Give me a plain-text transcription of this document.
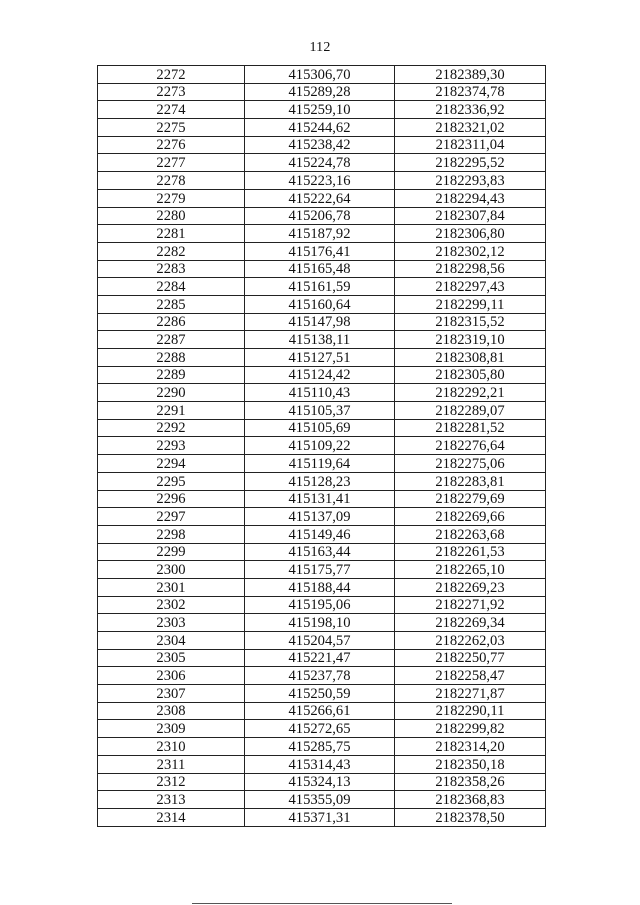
112
2272	415306,70	2182389,30
2273	415289,28	2182374,78
2274	415259,10	2182336,92
2275	415244,62	2182321,02
2276	415238,42	2182311,04
2277	415224,78	2182295,52
2278	415223,16	2182293,83
2279	415222,64	2182294,43
2280	415206,78	2182307,84
2281	415187,92	2182306,80
2282	415176,41	2182302,12
2283	415165,48	2182298,56
2284	415161,59	2182297,43
2285	415160,64	2182299,11
2286	415147,98	2182315,52
2287	415138,11	2182319,10
2288	415127,51	2182308,81
2289	415124,42	2182305,80
2290	415110,43	2182292,21
2291	415105,37	2182289,07
2292	415105,69	2182281,52
2293	415109,22	2182276,64
2294	415119,64	2182275,06
2295	415128,23	2182283,81
2296	415131,41	2182279,69
2297	415137,09	2182269,66
2298	415149,46	2182263,68
2299	415163,44	2182261,53
2300	415175,77	2182265,10
2301	415188,44	2182269,23
2302	415195,06	2182271,92
2303	415198,10	2182269,34
2304	415204,57	2182262,03
2305	415221,47	2182250,77
2306	415237,78	2182258,47
2307	415250,59	2182271,87
2308	415266,61	2182290,11
2309	415272,65	2182299,82
2310	415285,75	2182314,20
2311	415314,43	2182350,18
2312	415324,13	2182358,26
2313	415355,09	2182368,83
2314	415371,31	2182378,50
